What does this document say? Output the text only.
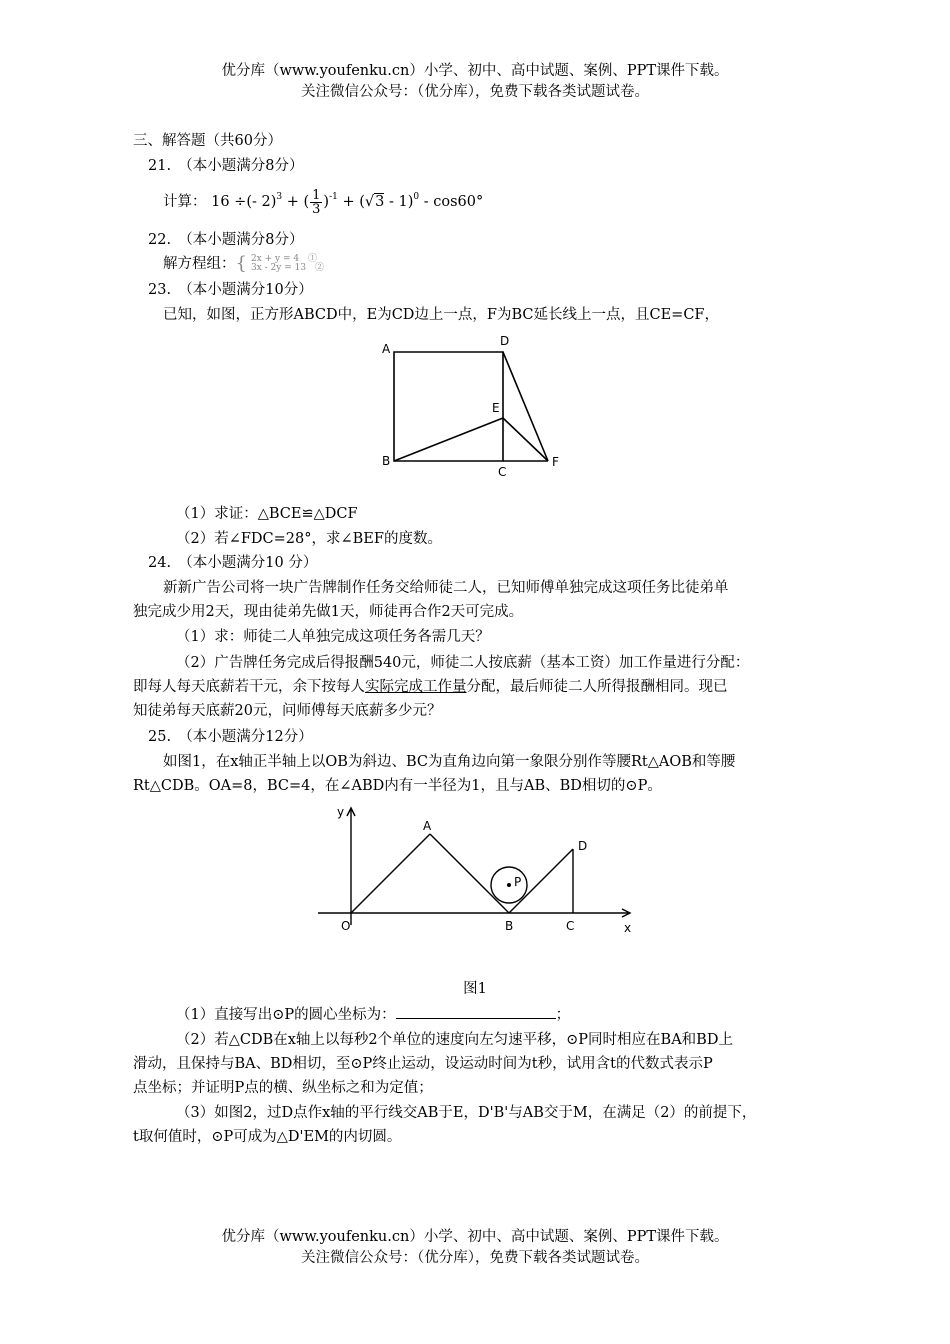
优分库（www.youfenku.cn）小学、初中、高中试题、案例、PPT课件下载。
关注微信公众号：（优分库），免费下载各类试题试卷。
三、解答题（共60分）
21.　（本小题满分8分）
计算： 16 ÷(- 2)$^3$ + ( $\frac{1}{3} )^{-1} + (√3 - 1)^0 - \cos 60^\circ$
22.　（本小题满分8分）
解方程组：{ 2x + y = 4　①
3x - 2y = 13　②
23.　（本小题满分10分）
已知，如图，正方形ABCD中，E为CD边上一点，F为BC延长线上一点，且CE=CF，
A
D
E
B
C
F
（1）求证：△BCE≌△DCF
（2）若∠FDC=28°，求∠BEF的度数。
24.　（本小题满分10 分）
新新广告公司将一块广告牌制作任务交给师徒二人，已知师傅单独完成这项任务比徒弟单
独完成少用2天，现由徒弟先做1天，师徒再合作2天可完成。
（1）求：师徒二人单独完成这项任务各需几天？
（2）广告牌任务完成后得报酬540元，师徒二人按底薪（基本工资）加工作量进行分配：
即每人每天底薪若干元，余下按每人实际完成工作量分配，最后师徒二人所得报酬相同。现已
知徒弟每天底薪20元，问师傅每天底薪多少元？
25.　（本小题满分12分）
如图1，在x轴正半轴上以OB为斜边、BC为直角边向第一象限分别作等腰Rt△AOB和等腰
Rt△CDB。OA=8，BC=4，在∠ABD内有一半径为1，且与AB、BD相切的⊙P。
y
A
D
P
O	B	C	x
图1
（1）直接写出⊙P的圆心坐标为：	；
（2）若△CDB在x轴上以每秒2个单位的速度向左匀速平移，⊙P同时相应在BA和BD上
滑动，且保持与BA、BD相切，至⊙P终止运动，设运动时间为t秒，试用含t的代数式表示P
点坐标；并证明P点的横、纵坐标之和为定值；
（3）如图2，过D点作x轴的平行线交AB于E，D'B'与AB交于M，在满足（2）的前提下，
t取何值时，⊙P可成为△D'EM的内切圆。
优分库（www.youfenku.cn）小学、初中、高中试题、案例、PPT课件下载。
关注微信公众号：（优分库），免费下载各类试题试卷。
